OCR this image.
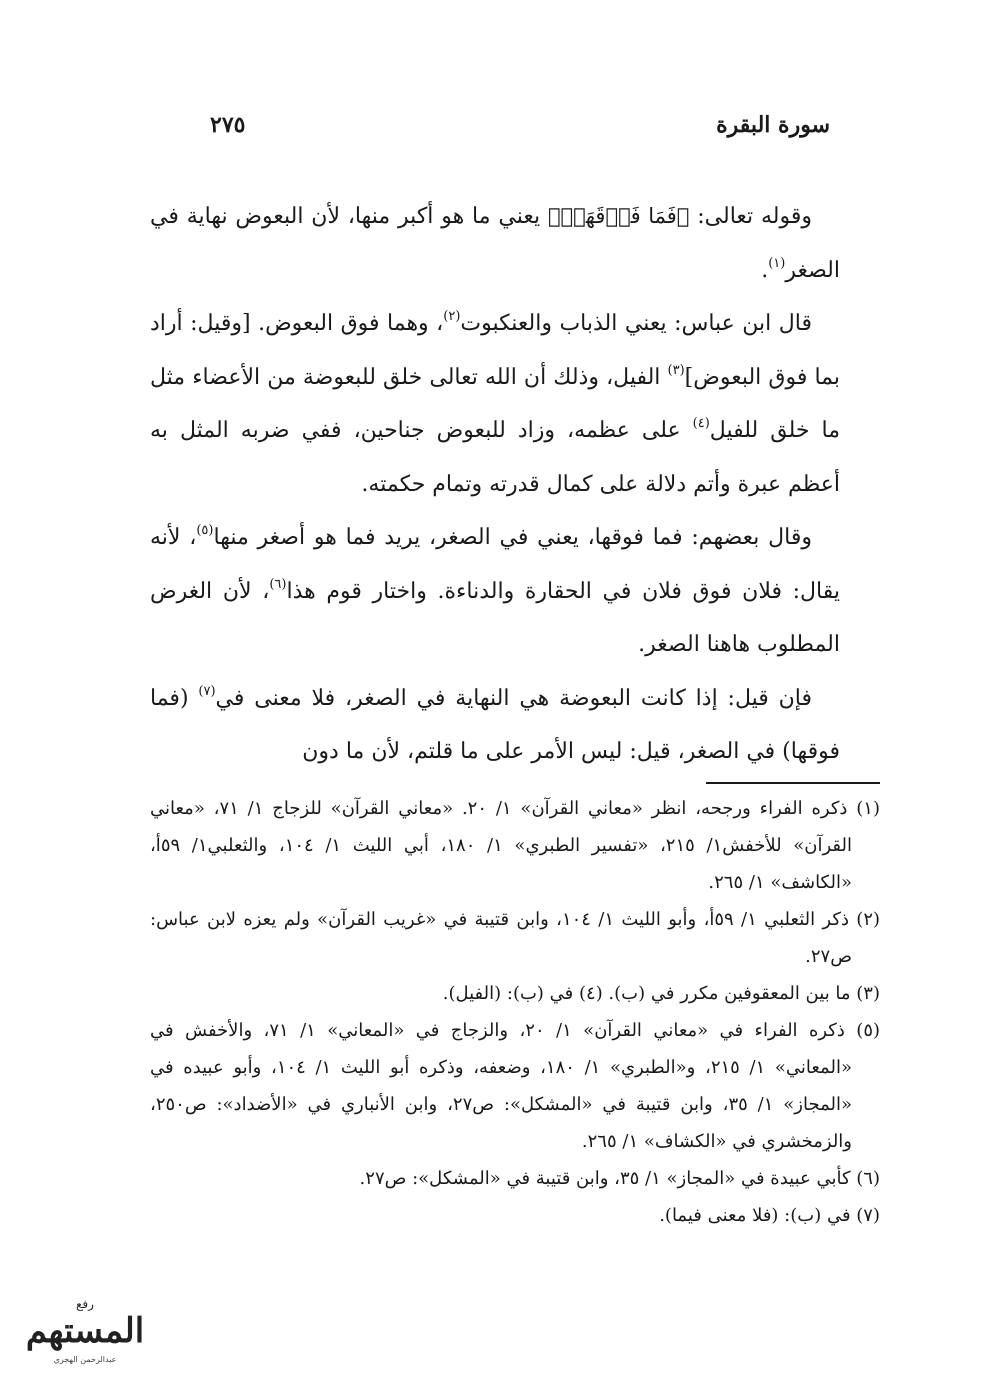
سورة البقرة
٢٧٥

وقوله تعالى: ﴿فَمَا فَوۡقَهَاۚ﴾ يعني ما هو أكبر منها، لأن البعوض نهاية في الصغر$^{(١)}$.

قال ابن عباس: يعني الذباب والعنكبوت$^{(٢)}$، وهما فوق البعوض. [وقيل: أراد بما فوق البعوض]$^{(٣)}$ الفيل، وذلك أن الله تعالى خلق للبعوضة من الأعضاء مثل ما خلق للفيل$^{(٤)}$ على عظمه، وزاد للبعوض جناحين، ففي ضربه المثل به أعظم عبرة وأتم دلالة على كمال قدرته وتمام حكمته.

وقال بعضهم: فما فوقها، يعني في الصغر، يريد فما هو أصغر منها$^{(٥)}$، لأنه يقال: فلان فوق فلان في الحقارة والدناءة. واختار قوم هذا$^{(٦)}$، لأن الغرض المطلوب هاهنا الصغر.

فإن قيل: إذا كانت البعوضة هي النهاية في الصغر، فلا معنى في$^{(٧)}$ (فما فوقها) في الصغر، قيل: ليس الأمر على ما قلتم، لأن ما دون

(١) ذكره الفراء ورجحه، انظر «معاني القرآن» ١/ ٢٠. «معاني القرآن» للزجاج ١/ ٧١، «معاني القرآن» للأخفش١/ ٢١٥، «تفسير الطبري» ١/ ١٨٠، أبي الليث ١/ ١٠٤، والثعلبي١/ ٥٩أ، «الكاشف» ١/ ٢٦٥.

(٢) ذكر الثعلبي ١/ ٥٩أ، وأبو الليث ١/ ١٠٤، وابن قتيبة في «غريب القرآن» ولم يعزه لابن عباس: ص٢٧.

(٣) ما بين المعقوفين مكرر في (ب). (٤) في (ب): (الفيل).

(٥) ذكره الفراء في «معاني القرآن» ١/ ٢٠، والزجاج في «المعاني» ١/ ٧١، والأخفش في «المعاني» ١/ ٢١٥، و«الطبري» ١/ ١٨٠، وضعفه، وذكره أبو الليث ١/ ١٠٤، وأبو عبيده في «المجاز» ١/ ٣٥، وابن قتيبة في «المشكل»: ص٢٧، وابن الأنباري في «الأضداد»: ص٢٥٠، والزمخشري في «الكشاف» ١/ ٢٦٥.

(٦) كأبي عبيدة في «المجاز» ١/ ٣٥، وابن قتيبة في «المشكل»: ص٢٧.

(٧) في (ب): (فلا معنى فيما).

رفع
المستهم
عبدالرحمن الهجري
